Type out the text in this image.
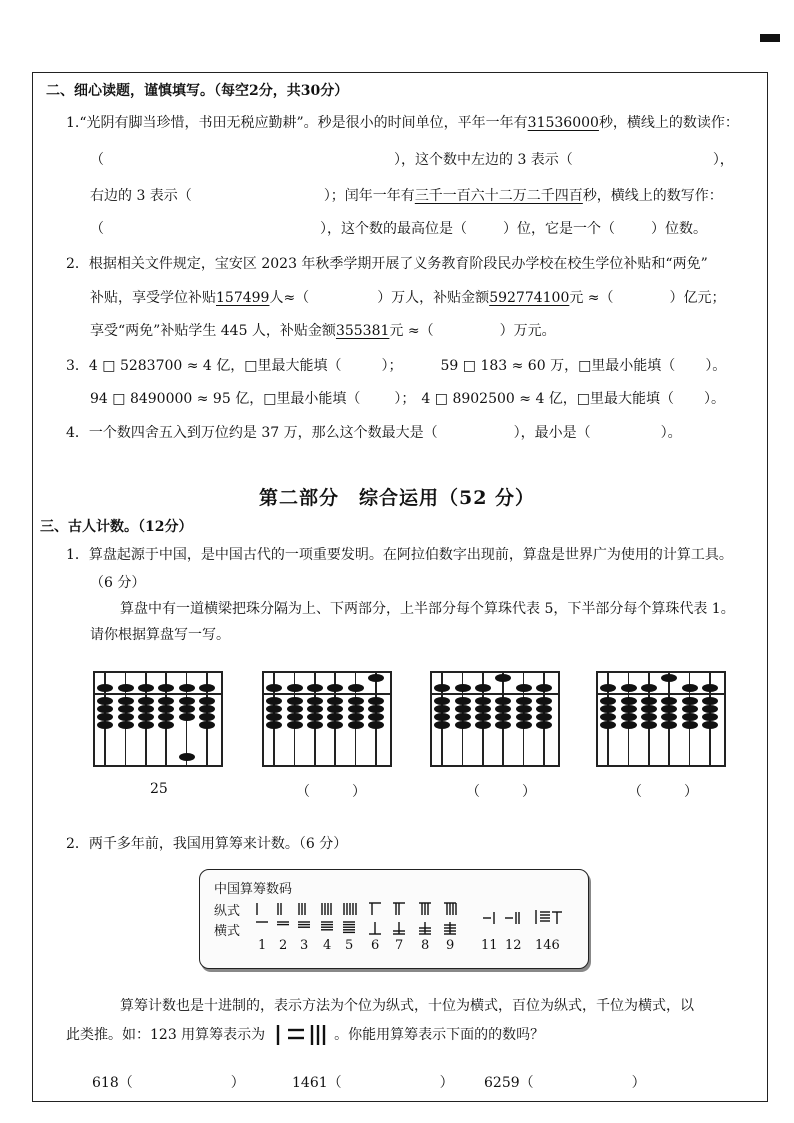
二、细心读题，谨慎填写。（每空2分，共30分）
1.“光阴有脚当珍惜，书田无税应勤耕”。秒是很小的时间单位，平年一年有31536000秒，横线上的数读作：
（	），这个数中左边的 3 表示（	），
右边的 3 表示（	）；闰年一年有三千一百六十二万二千四百秒，横线上的数写作：
（	），这个数的最高位是（	）位，它是一个（	）位数。
2．根据相关文件规定，宝安区 2023 年秋季学期开展了义务教育阶段民办学校在校生学位补贴和“两免”
补贴，享受学位补贴157499人≈（	）万人，补贴金额592774100元 ≈（	）亿元；
享受“两免”补贴学生 445 人，补贴金额355381元 ≈（	）万元。
3．4 □ 5283700 ≈ 4 亿，□里最大能填（	）；	59 □ 183 ≈ 60 万，□里最小能填（ ）。
94 □ 8490000 ≈ 95 亿，□里最小能填（ ）； 4 □ 8902500 ≈ 4 亿，□里最大能填（ ）。
4．一个数四舍五入到万位约是 37 万，那么这个数最大是（	），最小是（	）。
第二部分　综合运用（52 分）
三、古人计数。（12分）
1．算盘起源于中国，是中国古代的一项重要发明。在阿拉伯数字出现前，算盘是世界广为使用的计算工具。
（6 分）
算盘中有一道横梁把珠分隔为上、下两部分，上半部分每个算珠代表 5，下半部分每个算珠代表 1。
请你根据算盘写一写。
25	（　　　）	（　　　）	（　　　）
2．两千多年前，我国用算筹来计数。（6 分）
中国算筹数码
纵式
横式
1 2 3 4 5 6 7 8 9 11 12 146
算筹计数也是十进制的，表示方法为个位为纵式，十位为横式，百位为纵式，千位为横式，以
此类推。如：123 用算筹表示为	。你能用算筹表示下面的的数吗？
618（　　　　　　　）	1461（　　　　　　　） 6259（　　　　　　　）
